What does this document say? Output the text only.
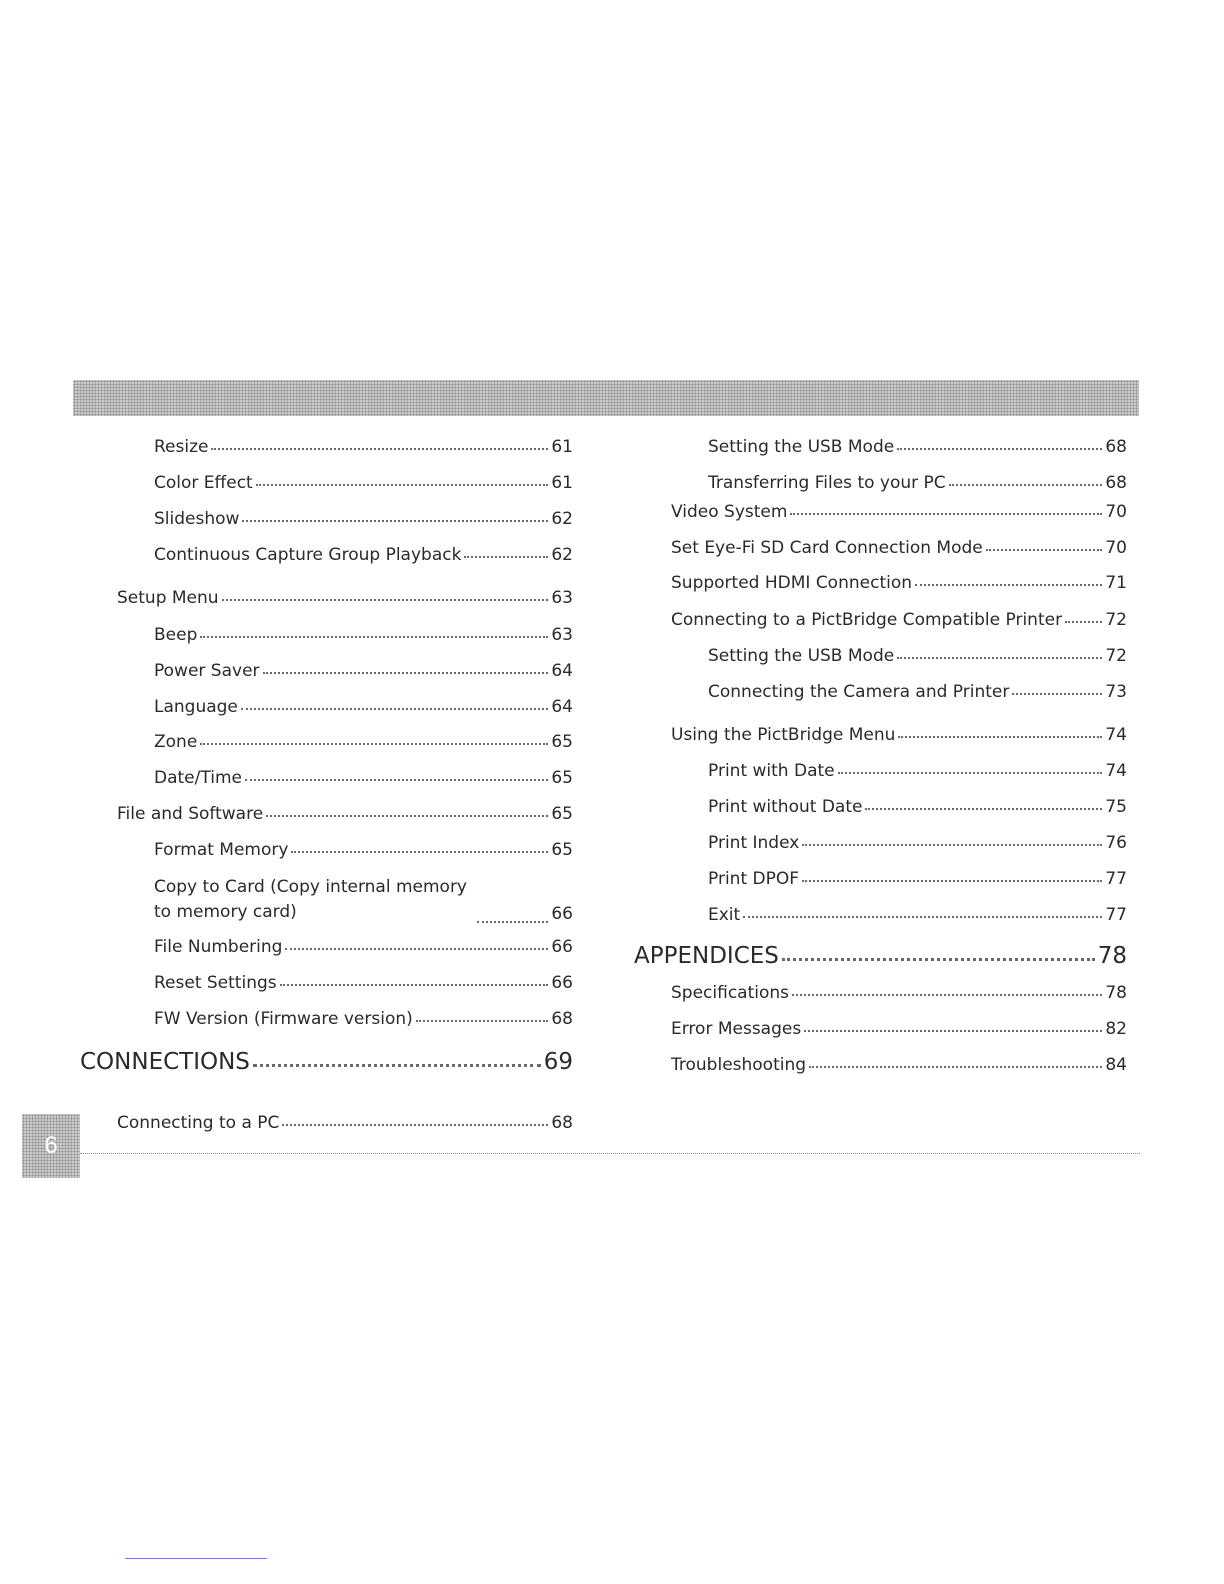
Resize	61
Color Effect	61
Slideshow	62
Continuous Capture Group Playback	62
Setup Menu	63
Beep	63
Power Saver	64
Language	64
Zone	65
Date/Time	65
File and Software	65
Format Memory	65
Copy to Card (Copy internal memory to memory card)	66
File Numbering	66
Reset Settings	66
FW Version (Firmware version)	68
CONNECTIONS	69
Connecting to a PC	68
Setting the USB Mode	68
Transferring Files to your PC	68
Video System	70
Set Eye-Fi SD Card Connection Mode	70
Supported HDMI Connection	71
Connecting to a PictBridge Compatible Printer	72
Setting the USB Mode	72
Connecting the Camera and Printer	73
Using the PictBridge Menu	74
Print with Date	74
Print without Date	75
Print Index	76
Print DPOF	77
Exit	77
APPENDICES	78
Specifications	78
Error Messages	82
Troubleshooting	84
6
